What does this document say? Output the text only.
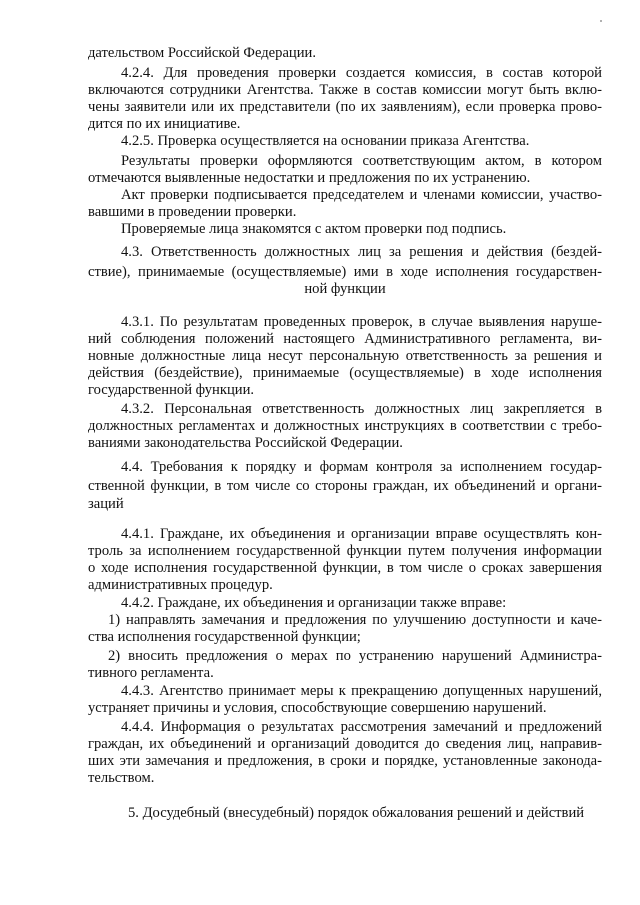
дательством Российской Федерации.
4.2.4. Для проведения проверки создается комиссия, в состав которой
включаются сотрудники Агентства. Также в состав комиссии могут быть вклю-
чены заявители или их представители (по их заявлениям), если проверка прово-
дится по их инициативе.
4.2.5. Проверка осуществляется на основании приказа Агентства.
Результаты проверки оформляются соответствующим актом, в котором
отмечаются выявленные недостатки и предложения по их устранению.
Акт проверки подписывается председателем и членами комиссии, участво-
вавшими в проведении проверки.
Проверяемые лица знакомятся с актом проверки под подпись.
4.3. Ответственность должностных лиц за решения и действия (бездей-
ствие), принимаемые (осуществляемые) ими в ходе исполнения государствен-
ной функции
4.3.1. По результатам проведенных проверок, в случае выявления наруше-
ний соблюдения положений настоящего Административного регламента, ви-
новные должностные лица несут персональную ответственность за решения и
действия (бездействие), принимаемые (осуществляемые) в ходе исполнения
государственной функции.
4.3.2. Персональная ответственность должностных лиц закрепляется в
должностных регламентах и должностных инструкциях в соответствии с требо-
ваниями законодательства Российской Федерации.
4.4. Требования к порядку и формам контроля за исполнением государ-
ственной функции, в том числе со стороны граждан, их объединений и органи-
заций
4.4.1. Граждане, их объединения и организации вправе осуществлять кон-
троль за исполнением государственной функции путем получения информации
о ходе исполнения государственной функции, в том числе о сроках завершения
административных процедур.
4.4.2. Граждане, их объединения и организации также вправе:
1) направлять замечания и предложения по улучшению доступности и каче-
ства исполнения государственной функции;
2) вносить предложения о мерах по устранению нарушений Администра-
тивного регламента.
4.4.3. Агентство принимает меры к прекращению допущенных нарушений,
устраняет причины и условия, способствующие совершению нарушений.
4.4.4. Информация о результатах рассмотрения замечаний и предложений
граждан, их объединений и организаций доводится до сведения лиц, направив-
ших эти замечания и предложения, в сроки и порядке, установленные законода-
тельством.
5. Досудебный (внесудебный) порядок обжалования решений и действий
